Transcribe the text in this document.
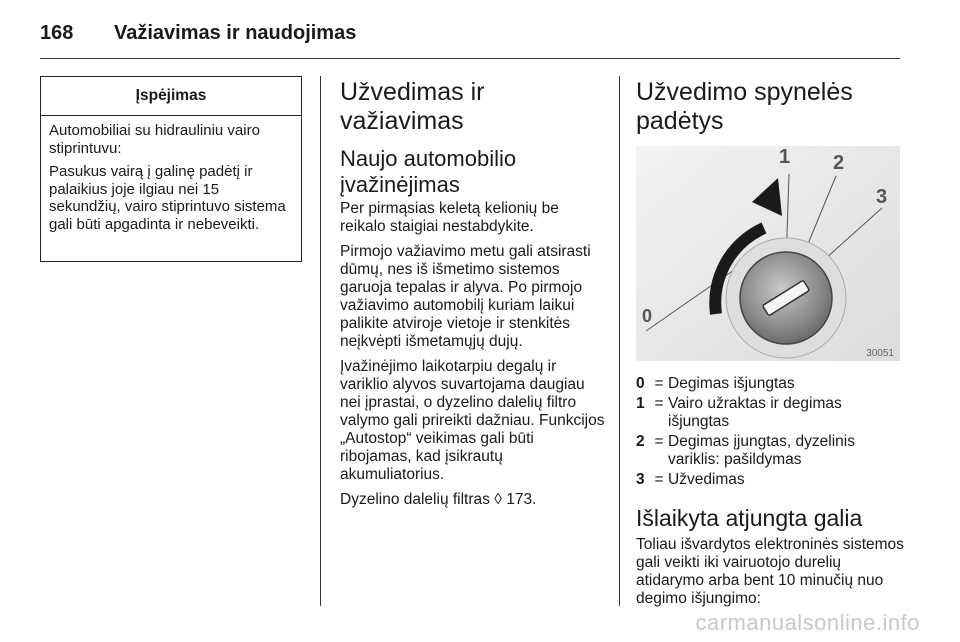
168 Važiavimas ir naudojimas
Įspėjimas

Automobiliai su hidrauliniu vairo stiprintuvu:

Pasukus vairą į galinę padėtį ir palaikius joje ilgiau nei 15 sekundžių, vairo stiprintuvo sistema gali būti apgadinta ir nebeveikti.

Užvedimas ir važiavimas
Naujo automobilio įvažinėjimas

Per pirmąsias keletą kelionių be reikalo staigiai nestabdykite.

Pirmojo važiavimo metu gali atsirasti dūmų, nes iš išmetimo sistemos garuoja tepalas ir alyva. Po pirmojo važiavimo automobilį kuriam laikui palikite atviroje vietoje ir stenkitės neįkvėpti išmetamųjų dujų.

Įvažinėjimo laikotarpiu degalų ir variklio alyvos suvartojama daugiau nei įprastai, o dyzelino dalelių filtro valymo gali prireikti dažniau. Funkcijos „Autostop“ veikimas gali būti ribojamas, kad įsikrautų akumuliatorius.

Dyzelino dalelių filtras ◊ 173.

Užvedimo spynelės padėtys
0
1 2
3
30051
0 = Degimas išjungtas
1 = Vairo užraktas ir degimas išjungtas
2 = Degimas įjungtas, dyzelinis variklis: pašildymas
3 = Užvedimas
Išlaikyta atjungta galia

Toliau išvardytos elektroninės sistemos gali veikti iki vairuotojo durelių atidarymo arba bent 10 minučių nuo degimo išjungimo:

carmanualsonline.info
